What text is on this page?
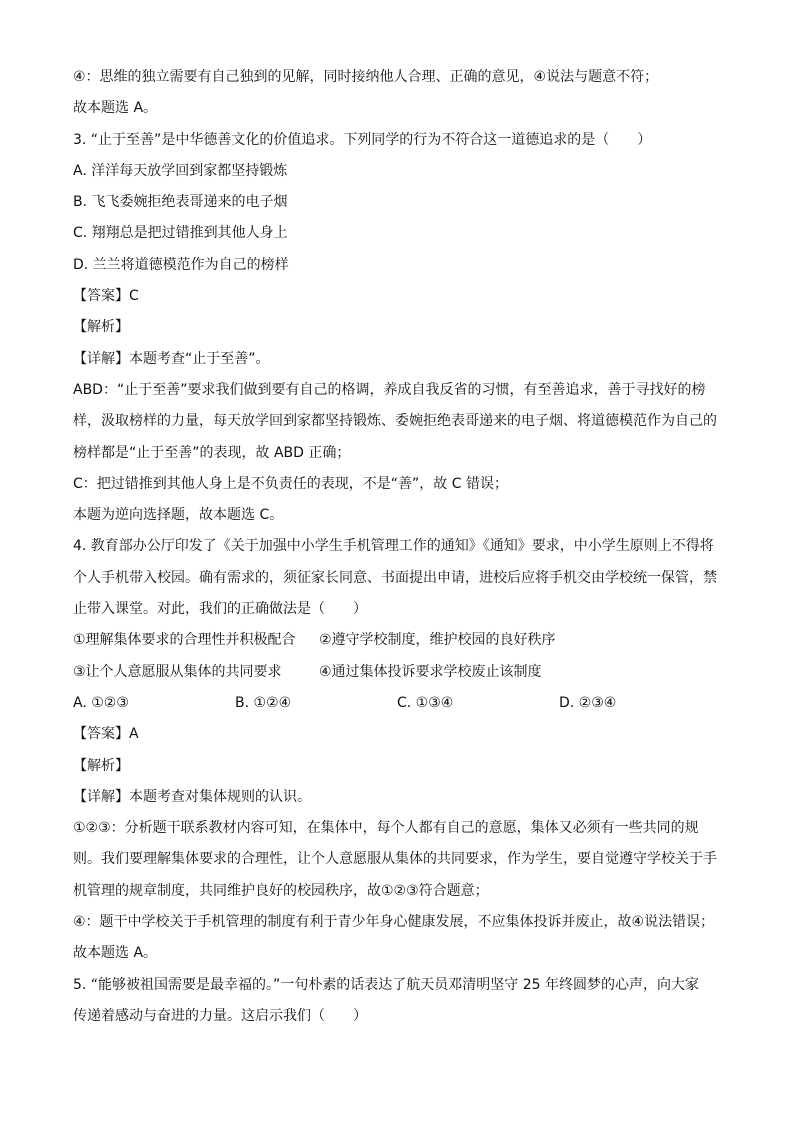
④：思维的独立需要有自己独到的见解，同时接纳他人合理、正确的意见，④说法与题意不符；
故本题选 A。
3. “止于至善”是中华德善文化的价值追求。下列同学的行为不符合这一道德追求的是（　　）
A. 洋洋每天放学回到家都坚持锻炼
B. 飞飞委婉拒绝表哥递来的电子烟
C. 翔翔总是把过错推到其他人身上
D. 兰兰将道德模范作为自己的榜样
【答案】C
【解析】
【详解】本题考查“止于至善”。
ABD：“止于至善”要求我们做到要有自己的格调，养成自我反省的习惯，有至善追求，善于寻找好的榜
样，汲取榜样的力量，每天放学回到家都坚持锻炼、委婉拒绝表哥递来的电子烟、将道德模范作为自己的
榜样都是“止于至善”的表现，故 ABD 正确；
C：把过错推到其他人身上是不负责任的表现，不是“善”，故 C 错误；
本题为逆向选择题，故本题选 C。
4. 教育部办公厅印发了《关于加强中小学生手机管理工作的通知》《通知》要求，中小学生原则上不得将
个人手机带入校园。确有需求的，须征家长同意、书面提出申请，进校后应将手机交由学校统一保管，禁
止带入课堂。对此，我们的正确做法是（　　）
①理解集体要求的合理性并积极配合 ②遵守学校制度，维护校园的良好秩序
③让个人意愿服从集体的共同要求	④通过集体投诉要求学校废止该制度
A. ①②③	B. ①②④	C. ①③④	D. ②③④
【答案】A
【解析】
【详解】本题考查对集体规则的认识。
①②③：分析题干联系教材内容可知，在集体中，每个人都有自己的意愿，集体又必须有一些共同的规
则。我们要理解集体要求的合理性，让个人意愿服从集体的共同要求，作为学生，要自觉遵守学校关于手
机管理的规章制度，共同维护良好的校园秩序，故①②③符合题意；
④：题干中学校关于手机管理的制度有利于青少年身心健康发展，不应集体投诉并废止，故④说法错误；
故本题选 A。
5. “能够被祖国需要是最幸福的。”一句朴素的话表达了航天员邓清明坚守 25 年终圆梦的心声，向大家
传递着感动与奋进的力量。这启示我们（　　）
